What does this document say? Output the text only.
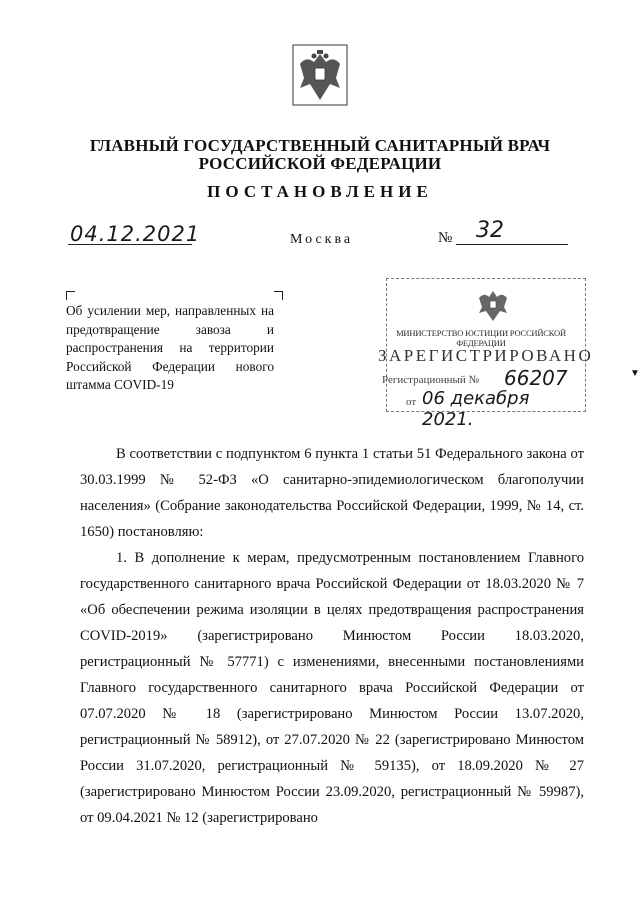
ГЛАВНЫЙ ГОСУДАРСТВЕННЫЙ САНИТАРНЫЙ ВРАЧ
РОССИЙСКОЙ ФЕДЕРАЦИИ
ПОСТАНОВЛЕНИЕ
04.12.2021	Москва	№ 32
Об усилении мер, направленных на предотвращение завоза и распространения на территории Российской Федерации нового штамма COVID-19
МИНИСТЕРСТВО ЮСТИЦИИ РОССИЙСКОЙ ФЕДЕРАЦИИ
ЗАРЕГИСТРИРОВАНО
Регистрационный № 66207
от 06 декабря 2021.
▼

В соответствии с подпунктом 6 пункта 1 статьи 51 Федерального закона от 30.03.1999 № 52-ФЗ «О санитарно-эпидемиологическом благополучии населения» (Собрание законодательства Российской Федерации, 1999, № 14, ст. 1650) постановляю:

1. В дополнение к мерам, предусмотренным постановлением Главного государственного санитарного врача Российской Федерации от 18.03.2020 № 7 «Об обеспечении режима изоляции в целях предотвращения распространения COVID-2019» (зарегистрировано Минюстом России 18.03.2020, регистрационный № 57771) с изменениями, внесенными постановлениями Главного государственного санитарного врача Российской Федерации от 07.07.2020 № 18 (зарегистрировано Минюстом России 13.07.2020, регистрационный № 58912), от 27.07.2020 № 22 (зарегистрировано Минюстом России 31.07.2020, регистрационный № 59135), от 18.09.2020 № 27 (зарегистрировано Минюстом России 23.09.2020, регистрационный № 59987), от 09.04.2021 № 12 (зарегистрировано
